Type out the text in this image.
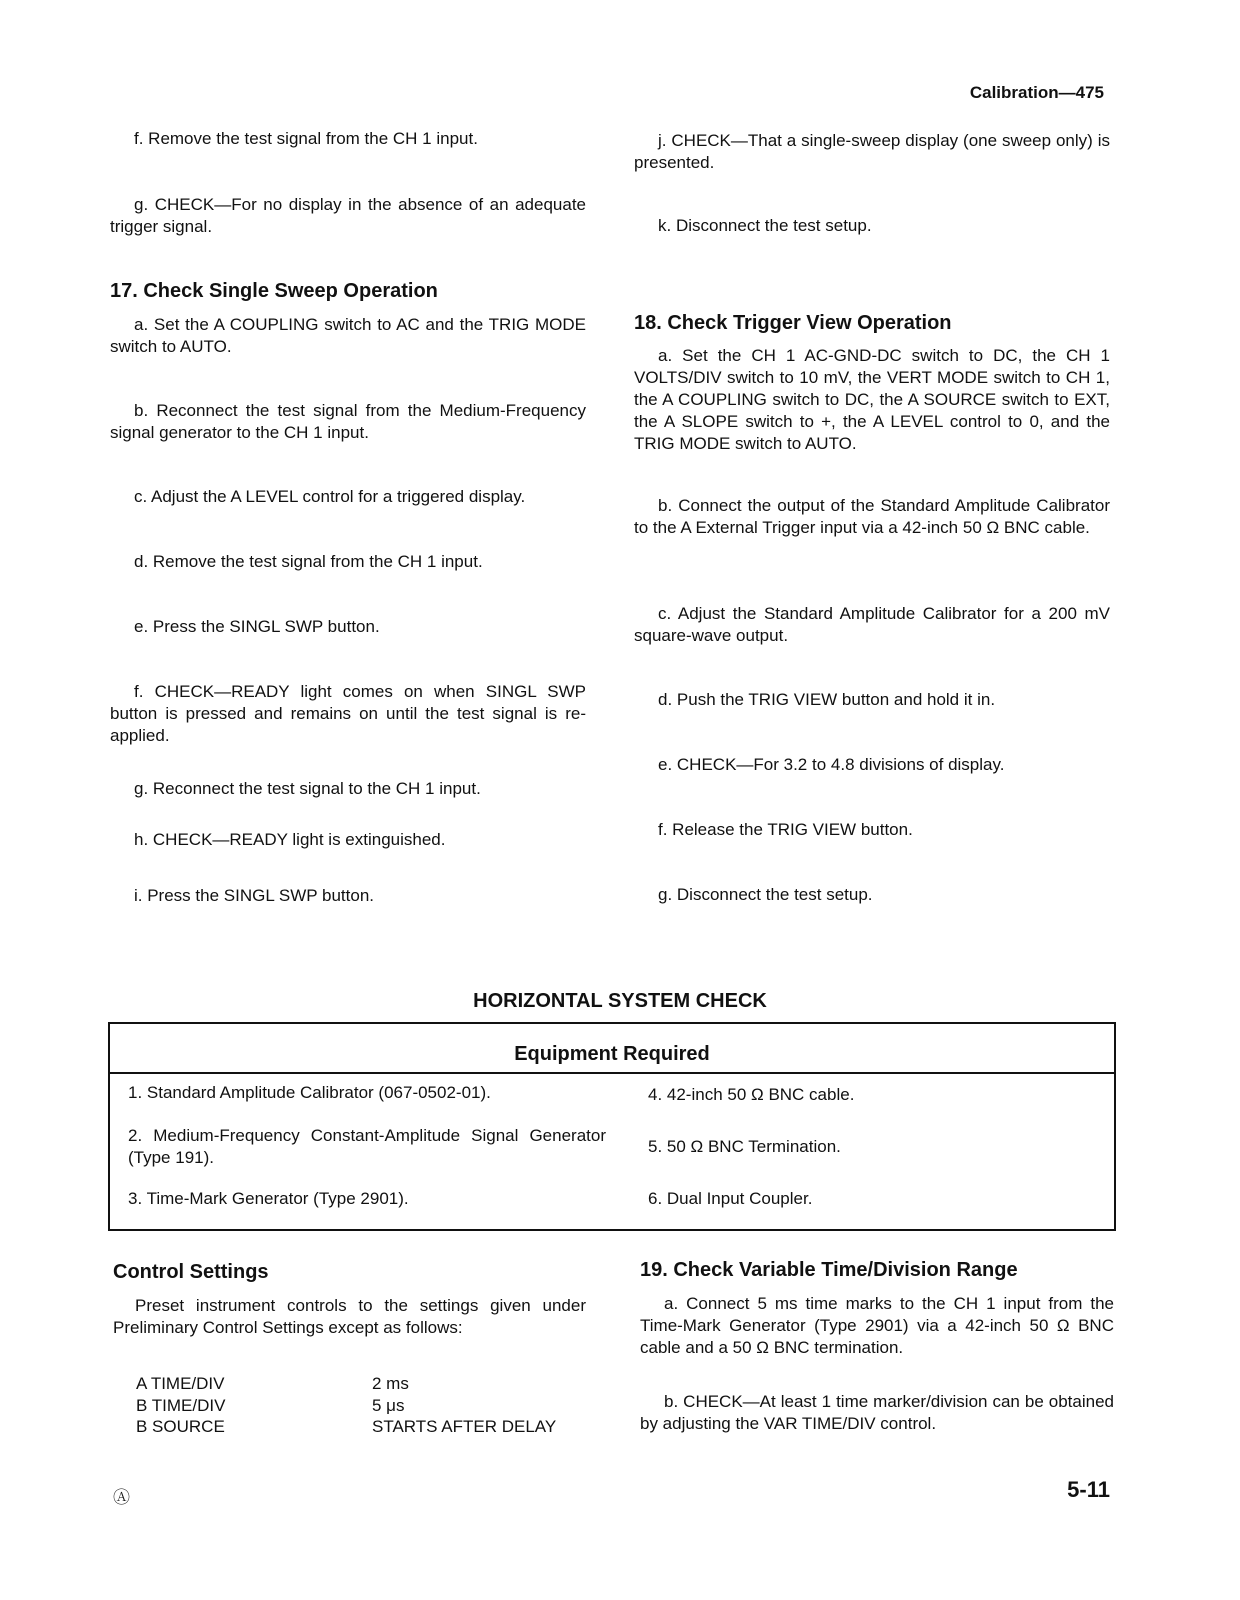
Calibration—475
f. Remove the test signal from the CH 1 input.
g. CHECK—For no display in the absence of an adequate trigger signal.
17. Check Single Sweep Operation
a. Set the A COUPLING switch to AC and the TRIG MODE switch to AUTO.
b. Reconnect the test signal from the Medium-Frequency signal generator to the CH 1 input.
c. Adjust the A LEVEL control for a triggered display.
d. Remove the test signal from the CH 1 input.
e. Press the SINGL SWP button.
f. CHECK—READY light comes on when SINGL SWP button is pressed and remains on until the test signal is re-applied.
g. Reconnect the test signal to the CH 1 input.
h. CHECK—READY light is extinguished.
i. Press the SINGL SWP button.
j. CHECK—That a single-sweep display (one sweep only) is presented.
k. Disconnect the test setup.
18. Check Trigger View Operation
a. Set the CH 1 AC-GND-DC switch to DC, the CH 1 VOLTS/DIV switch to 10 mV, the VERT MODE switch to CH 1, the A COUPLING switch to DC, the A SOURCE switch to EXT, the A SLOPE switch to +, the A LEVEL control to 0, and the TRIG MODE switch to AUTO.
b. Connect the output of the Standard Amplitude Calibrator to the A External Trigger input via a 42-inch 50 Ω BNC cable.
c. Adjust the Standard Amplitude Calibrator for a 200 mV square-wave output.
d. Push the TRIG VIEW button and hold it in.
e. CHECK—For 3.2 to 4.8 divisions of display.
f. Release the TRIG VIEW button.
g. Disconnect the test setup.
HORIZONTAL SYSTEM CHECK
Equipment Required
1. Standard Amplitude Calibrator (067-0502-01).
2. Medium-Frequency Constant-Amplitude Signal Generator (Type 191).
3. Time-Mark Generator (Type 2901).
4. 42-inch 50 Ω BNC cable.
5. 50 Ω BNC Termination.
6. Dual Input Coupler.
Control Settings
Preset instrument controls to the settings given under Preliminary Control Settings except as follows:
A TIME/DIV	2 ms
B TIME/DIV	5 μs
B SOURCE	STARTS AFTER DELAY
19. Check Variable Time/Division Range
a. Connect 5 ms time marks to the CH 1 input from the Time-Mark Generator (Type 2901) via a 42-inch 50 Ω BNC cable and a 50 Ω BNC termination.
b. CHECK—At least 1 time marker/division can be obtained by adjusting the VAR TIME/DIV control.
Ⓐ	5-11
